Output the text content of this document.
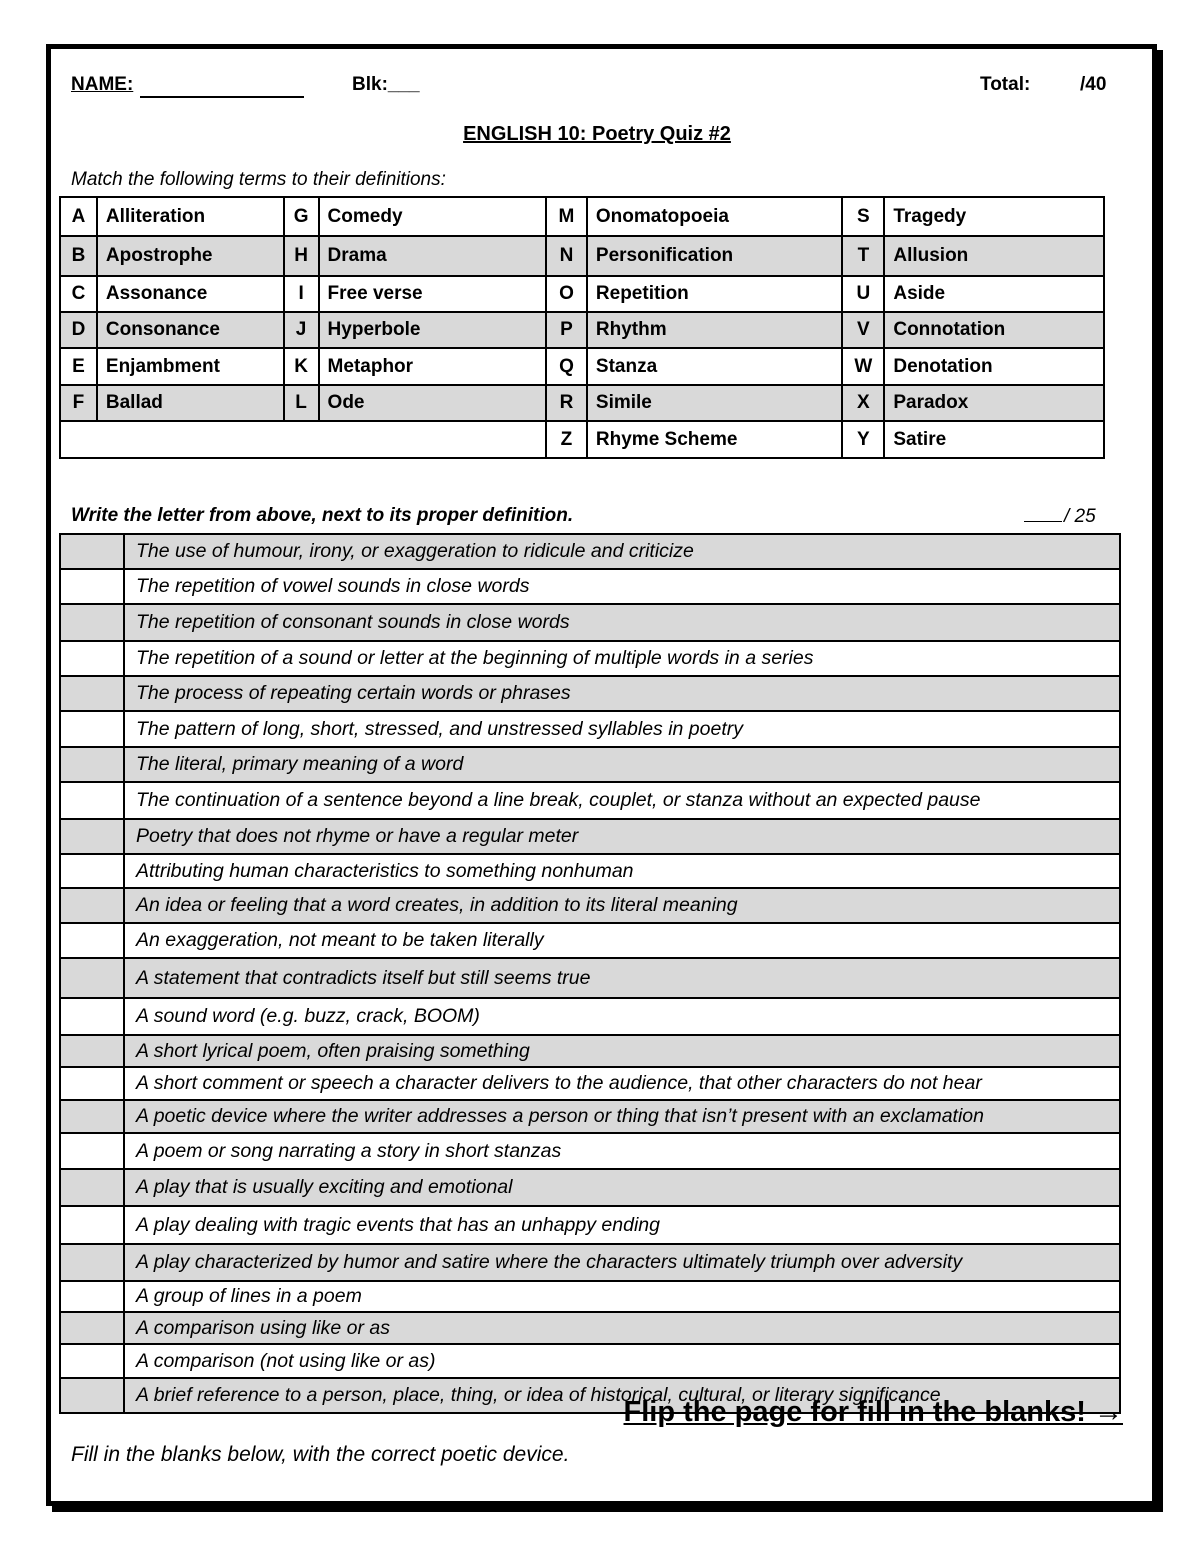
NAME:	Blk:___	Total:	/40
ENGLISH 10: Poetry Quiz #2
Match the following terms to their definitions:
A	Alliteration	G	Comedy	M	Onomatopoeia	S	Tragedy
B	Apostrophe	H	Drama	N	Personification	T	Allusion
C	Assonance	I	Free verse	O	Repetition	U	Aside
D	Consonance	J	Hyperbole	P	Rhythm	V	Connotation
E	Enjambment	K	Metaphor	Q	Stanza	W	Denotation
F	Ballad	L	Ode	R	Simile	X	Paradox
				Z	Rhyme Scheme	Y	Satire
Write the letter from above, next to its proper definition.	/ 25
	The use of humour, irony, or exaggeration to ridicule and criticize
	The repetition of vowel sounds in close words
	The repetition of consonant sounds in close words
	The repetition of a sound or letter at the beginning of multiple words in a series
	The process of repeating certain words or phrases
	The pattern of long, short, stressed, and unstressed syllables in poetry
	The literal, primary meaning of a word
	The continuation of a sentence beyond a line break, couplet, or stanza without an expected pause
	Poetry that does not rhyme or have a regular meter
	Attributing human characteristics to something nonhuman
	An idea or feeling that a word creates, in addition to its literal meaning
	An exaggeration, not meant to be taken literally
	A statement that contradicts itself but still seems true
	A sound word (e.g. buzz, crack, BOOM)
	A short lyrical poem, often praising something
	A short comment or speech a character delivers to the audience, that other characters do not hear
	A poetic device where the writer addresses a person or thing that isn’t present with an exclamation
	A poem or song narrating a story in short stanzas
	A play that is usually exciting and emotional
	A play dealing with tragic events that has an unhappy ending
	A play characterized by humor and satire where the characters ultimately triumph over adversity
	A group of lines in a poem
	A comparison using like or as
	A comparison (not using like or as)
	A brief reference to a person, place, thing, or idea of historical, cultural, or literary significance
Flip the page for fill in the blanks! →
Fill in the blanks below, with the correct poetic device.
